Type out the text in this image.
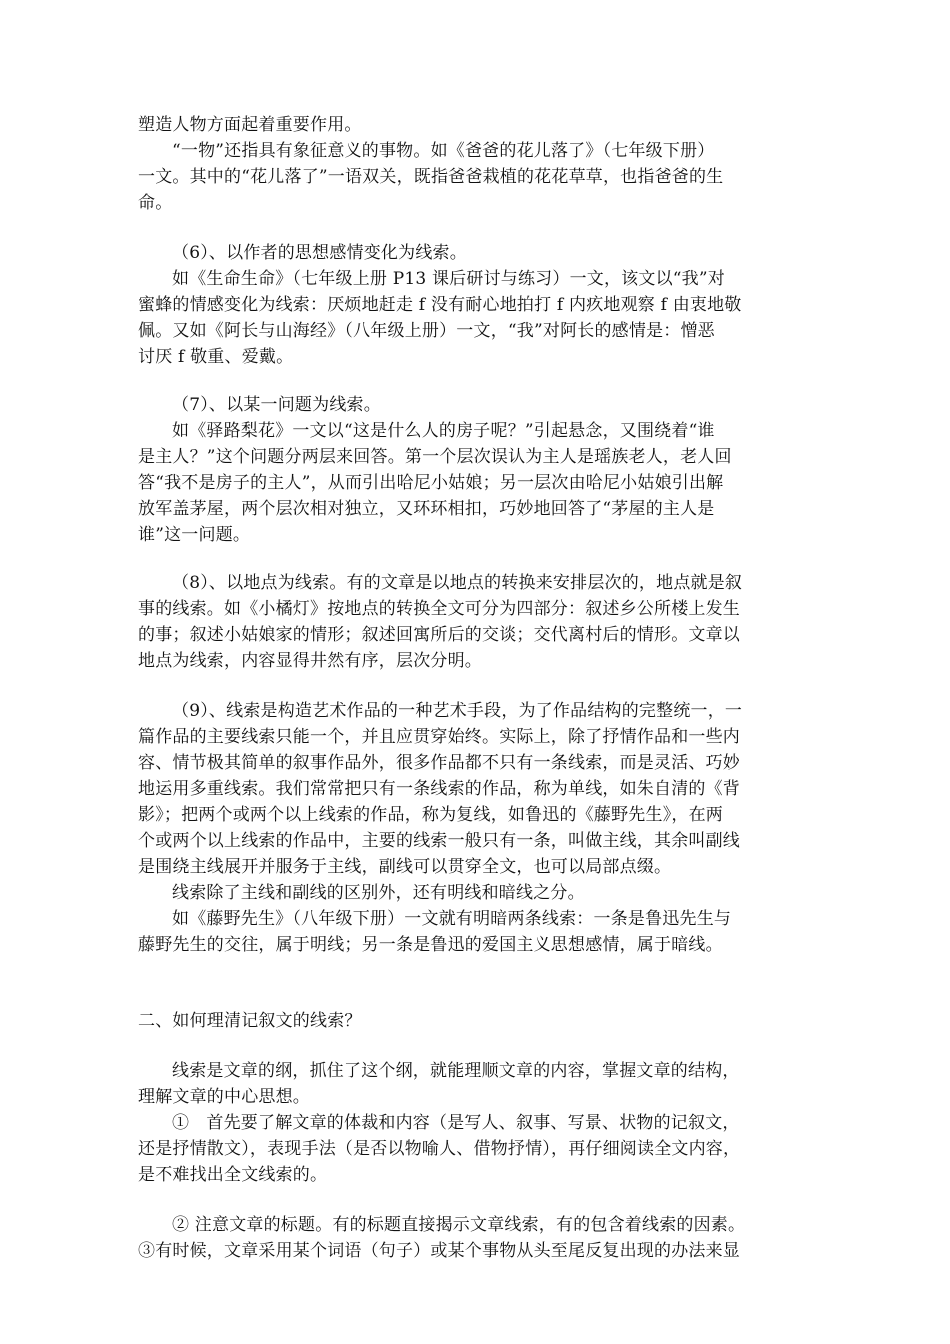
塑造人物方面起着重要作用。
“一物”还指具有象征意义的事物。如《爸爸的花儿落了》（七年级下册）
一文。其中的“花儿落了”一语双关，既指爸爸栽植的花花草草，也指爸爸的生
命。
（6）、以作者的思想感情变化为线索。
如《生命生命》（七年级上册 P13 课后研讨与练习）一文，该文以“我”对
蜜蜂的情感变化为线索：厌烦地赶走 f 没有耐心地拍打 f 内疚地观察 f 由衷地敬
佩。又如《阿长与山海经》（八年级上册）一文，“我”对阿长的感情是：憎恶
讨厌 f 敬重、爱戴。
（7）、以某一问题为线索。
如《驿路梨花》一文以“这是什么人的房子呢？”引起悬念，又围绕着“谁
是主人？”这个问题分两层来回答。第一个层次误认为主人是瑶族老人，老人回
答“我不是房子的主人”，从而引出哈尼小姑娘；另一层次由哈尼小姑娘引出解
放军盖茅屋，两个层次相对独立，又环环相扣，巧妙地回答了“茅屋的主人是
谁”这一问题。
（8）、以地点为线索。有的文章是以地点的转换来安排层次的，地点就是叙
事的线索。如《小橘灯》按地点的转换全文可分为四部分：叙述乡公所楼上发生
的事；叙述小姑娘家的情形；叙述回寓所后的交谈；交代离村后的情形。文章以
地点为线索，内容显得井然有序，层次分明。
（9）、线索是构造艺术作品的一种艺术手段，为了作品结构的完整统一，一
篇作品的主要线索只能一个，并且应贯穿始终。实际上，除了抒情作品和一些内
容、情节极其简单的叙事作品外，很多作品都不只有一条线索，而是灵活、巧妙
地运用多重线索。我们常常把只有一条线索的作品，称为单线，如朱自清的《背
影》；把两个或两个以上线索的作品，称为复线，如鲁迅的《藤野先生》，在两
个或两个以上线索的作品中，主要的线索一般只有一条，叫做主线，其余叫副线
是围绕主线展开并服务于主线，副线可以贯穿全文，也可以局部点缀。
线索除了主线和副线的区别外，还有明线和暗线之分。
如《藤野先生》（八年级下册）一文就有明暗两条线索：一条是鲁迅先生与
藤野先生的交往，属于明线；另一条是鲁迅的爱国主义思想感情，属于暗线。
二、如何理清记叙文的线索？
线索是文章的纲，抓住了这个纲，就能理顺文章的内容，掌握文章的结构，
理解文章的中心思想。
①　首先要了解文章的体裁和内容（是写人、叙事、写景、状物的记叙文，
还是抒情散文），表现手法（是否以物喻人、借物抒情），再仔细阅读全文内容，
是不难找出全文线索的。
② 注意文章的标题。有的标题直接揭示文章线索，有的包含着线索的因素。
③有时候，文章采用某个词语（句子）或某个事物从头至尾反复出现的办法来显
